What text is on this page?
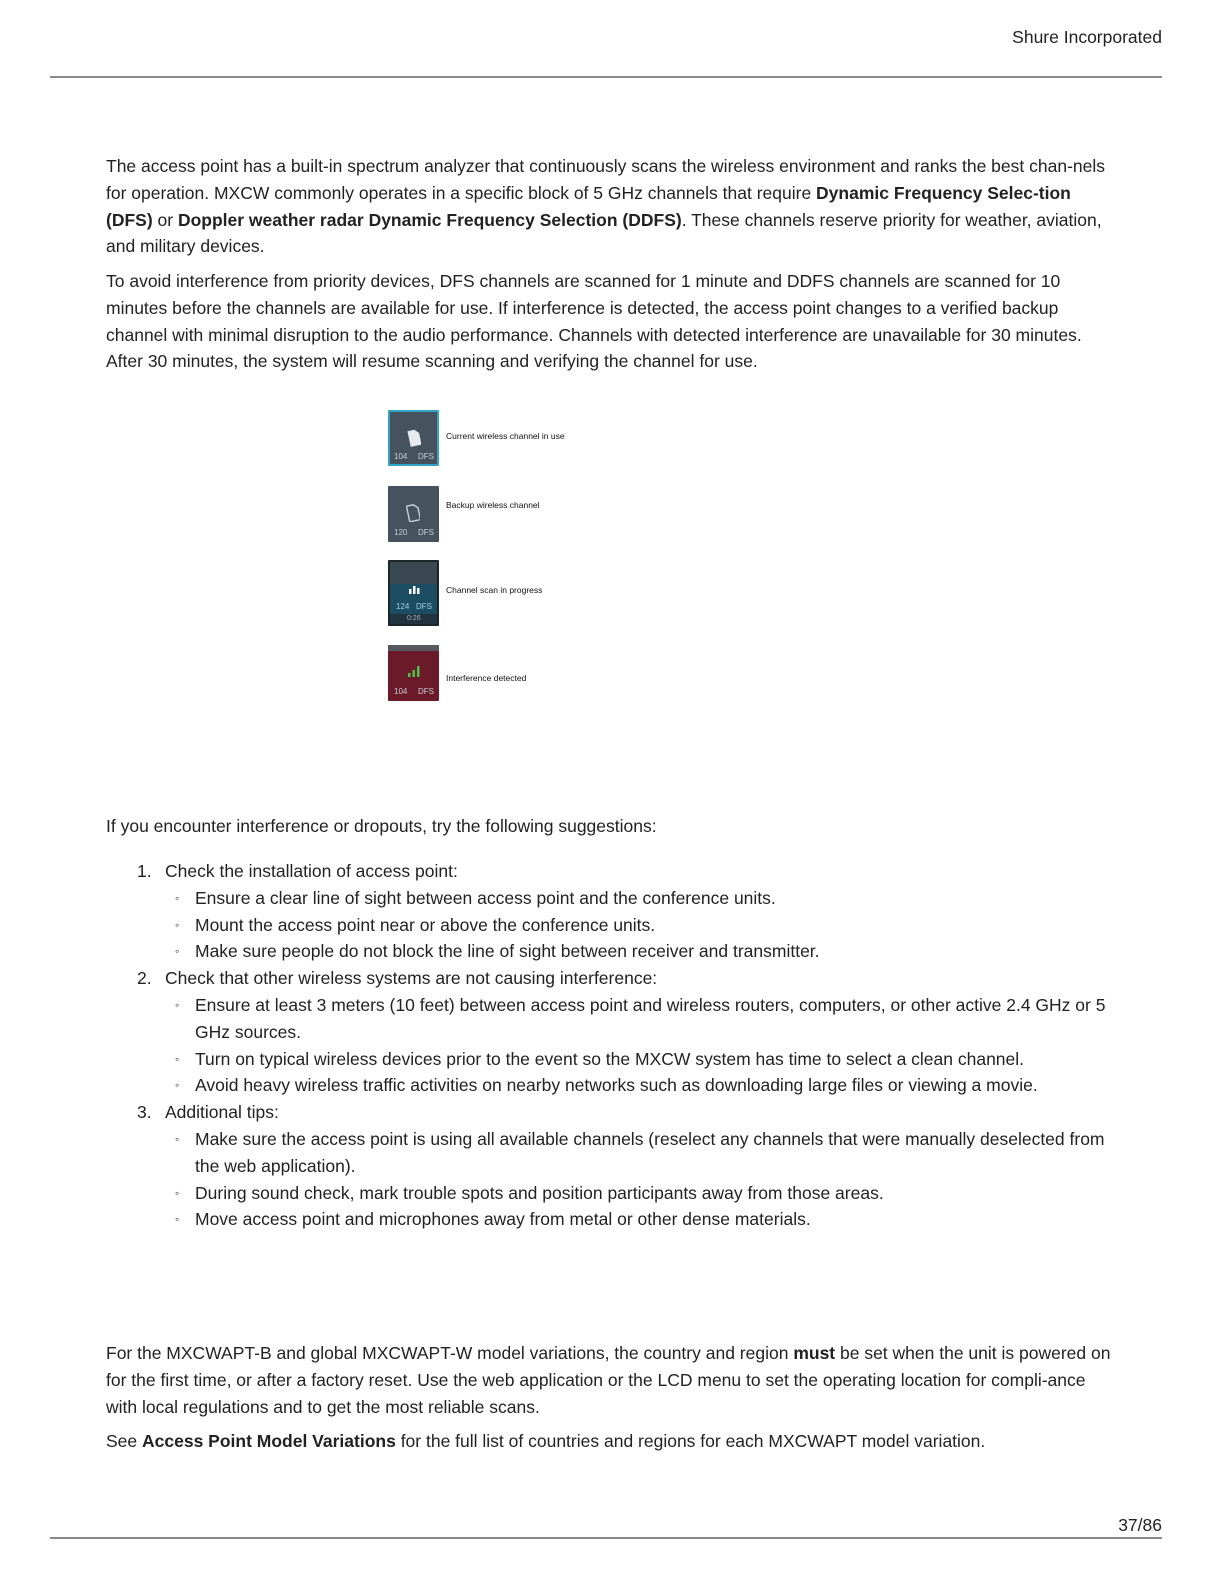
Shure Incorporated

The access point has a built-in spectrum analyzer that continuously scans the wireless environment and ranks the best chan-nels for operation. MXCW commonly operates in a specific block of 5 GHz channels that require Dynamic Frequency Selec-tion (DFS) or Doppler weather radar Dynamic Frequency Selection (DDFS). These channels reserve priority for weather, aviation, and military devices.

To avoid interference from priority devices, DFS channels are scanned for 1 minute and DDFS channels are scanned for 10 minutes before the channels are available for use. If interference is detected, the access point changes to a verified backup channel with minimal disruption to the audio performance. Channels with detected interference are unavailable for 30 minutes. After 30 minutes, the system will resume scanning and verifying the channel for use.

104 DFS
Current wireless channel in use
120 DFS
Backup wireless channel
124 DFS
0:26
Channel scan in progress
104 DFS
Interference detected

If you encounter interference or dropouts, try the following suggestions:

1. Check the installation of access point:
◦ Ensure a clear line of sight between access point and the conference units.
◦ Mount the access point near or above the conference units.
◦ Make sure people do not block the line of sight between receiver and transmitter.
2. Check that other wireless systems are not causing interference:
◦ Ensure at least 3 meters (10 feet) between access point and wireless routers, computers, or other active 2.4 GHz or 5 GHz sources.
◦ Turn on typical wireless devices prior to the event so the MXCW system has time to select a clean channel.
◦ Avoid heavy wireless traffic activities on nearby networks such as downloading large files or viewing a movie.
3. Additional tips:
◦ Make sure the access point is using all available channels (reselect any channels that were manually deselected from the web application).
◦ During sound check, mark trouble spots and position participants away from those areas.
◦ Move access point and microphones away from metal or other dense materials.

For the MXCWAPT-B and global MXCWAPT-W model variations, the country and region must be set when the unit is powered on for the first time, or after a factory reset. Use the web application or the LCD menu to set the operating location for compli-ance with local regulations and to get the most reliable scans.

See Access Point Model Variations for the full list of countries and regions for each MXCWAPT model variation.

37/86
